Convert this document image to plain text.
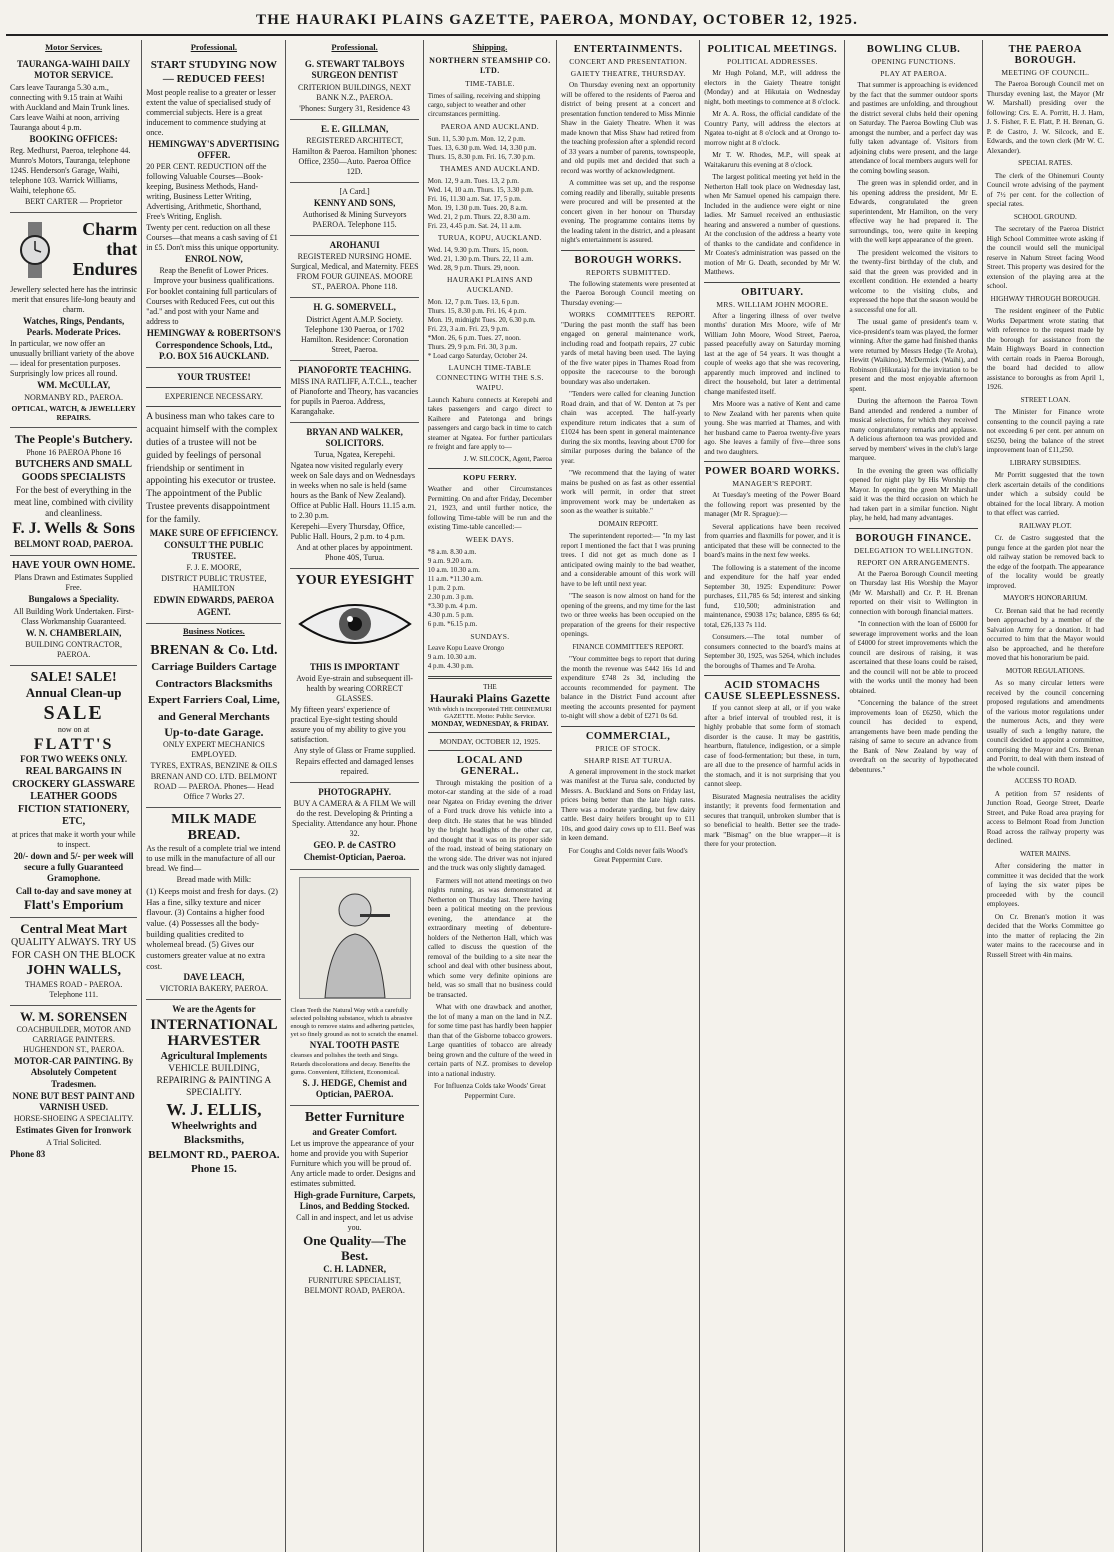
THE HAURAKI PLAINS GAZETTE, PAEROA, MONDAY, OCTOBER 12, 1925.
Motor Services.

TAURANGA-WAIHI DAILY MOTOR SERVICE.

Cars leave Tauranga 5.30 a.m., connecting with 9.15 train at Waihi with Auckland and Main Trunk lines. Cars leave Waihi at noon, arriving Tauranga about 4 p.m.

BOOKING OFFICES:

Reg. Medhurst, Paeroa, telephone 44. Munro's Motors, Tauranga, telephone 124S. Henderson's Garage, Waihi, telephone 103. Warrick Williams, Waihi, telephone 65.

BERT CARTER — Proprietor

Charm
that
Endures

Jewellery selected here has the intrinsic merit that ensures life-long beauty and charm.

Watches, Rings, Pendants, Pearls. Moderate Prices.

In particular, we now offer an unusually brilliant variety of the above — ideal for presentation purposes. Surprisingly low prices all round.

WM. McCULLAY,

NORMANBY RD., PAEROA.

OPTICAL, WATCH, & JEWELLERY REPAIRS.

The People's Butchery.

Phone 16 PAEROA Phone 16

BUTCHERS AND SMALL GOODS SPECIALISTS

For the best of everything in the meat line, combined with civility and cleanliness.

F. J. Wells & Sons

BELMONT ROAD, PAEROA.

HAVE YOUR OWN HOME.

Plans Drawn and Estimates Supplied Free.

Bungalows a Speciality.

All Building Work Undertaken. First-Class Workmanship Guaranteed.

W. N. CHAMBERLAIN,

BUILDING CONTRACTOR, PAEROA.

SALE! SALE!

Annual Clean-up

SALE

now on at

FLATT'S

FOR TWO WEEKS ONLY.

REAL BARGAINS IN CROCKERY GLASSWARE LEATHER GOODS FICTION STATIONERY, ETC,

at prices that make it worth your while to inspect.

20/- down and 5/- per week will secure a fully Guaranteed Gramophone.

Call to-day and save money at

Flatt's Emporium

Central Meat Mart

QUALITY ALWAYS. TRY US FOR CASH ON THE BLOCK

JOHN WALLS,

THAMES ROAD - PAEROA. Telephone 111.

W. M. SORENSEN

COACHBUILDER, MOTOR AND CARRIAGE PAINTERS. HUGHENDON ST., PAEROA.

MOTOR-CAR PAINTING. By Absolutely Competent Tradesmen.

NONE BUT BEST PAINT AND VARNISH USED.

HORSE-SHOEING A SPECIALITY.

Estimates Given for Ironwork

A Trial Solicited.

Phone 83

Professional.

START STUDYING NOW— REDUCED FEES!

Most people realise to a greater or lesser extent the value of specialised study of commercial subjects. Here is a great inducement to commence studying at once.

HEMINGWAY'S ADVERTISING OFFER.

20 PER CENT. REDUCTION off the following Valuable Courses—Book-keeping, Business Methods, Hand-writing, Business Letter Writing, Advertising, Arithmetic, Shorthand, Free's Writing, English.

Twenty per cent. reduction on all these Courses—that means a cash saving of £1 in £5. Don't miss this unique opportunity.

ENROL NOW,

Reap the Benefit of Lower Prices. Improve your business qualifications.

For booklet containing full particulars of Courses with Reduced Fees, cut out this "ad." and post with your Name and address to

HEMINGWAY & ROBERTSON'S Correspondence Schools, Ltd., P.O. BOX 516 AUCKLAND.

YOUR TRUSTEE!

EXPERIENCE NECESSARY.

A business man who takes care to acquaint himself with the complex duties of a trustee will not be guided by feelings of personal friendship or sentiment in appointing his executor or trustee. The appointment of the Public Trustee prevents disappointment for the family.

MAKE SURE OF EFFICIENCY.

CONSULT THE PUBLIC TRUSTEE.

F. J. E. MOORE,

DISTRICT PUBLIC TRUSTEE, HAMILTON

EDWIN EDWARDS, PAEROA AGENT.

Business Notices.

BRENAN & Co. Ltd.

Carriage Builders Cartage Contractors Blacksmiths Expert Farriers Coal, Lime, and General Merchants

Up-to-date Garage.

ONLY EXPERT MECHANICS EMPLOYED.

TYRES, EXTRAS, BENZINE & OILS

BRENAN AND CO. LTD. BELMONT ROAD — PAEROA. Phones— Head Office 7 Works 27.

MILK MADE BREAD.

As the result of a complete trial we intend to use milk in the manufacture of all our bread. We find—

Bread made with Milk:

(1) Keeps moist and fresh for days. (2) Has a fine, silky texture and nicer flavour. (3) Contains a higher food value. (4) Possesses all the body-building qualities credited to wholemeal bread. (5) Gives our customers greater value at no extra cost.

DAVE LEACH,

VICTORIA BAKERY, PAEROA.

We are the Agents for

INTERNATIONAL HARVESTER

Agricultural Implements

VEHICLE BUILDING, REPAIRING & PAINTING A SPECIALITY.

W. J. ELLIS,

Wheelwrights and Blacksmiths,

BELMONT RD., PAEROA. Phone 15.

Professional.

G. STEWART TALBOYS SURGEON DENTIST

CRITERION BUILDINGS, NEXT BANK N.Z., PAEROA.

'Phones: Surgery 31, Residence 43

E. E. GILLMAN,

REGISTERED ARCHITECT,

Hamilton & Paeroa. Hamilton 'phones: Office, 2350—Auto. Paeroa Office 12D.

[A Card.]

KENNY AND SONS,

Authorised & Mining Surveyors PAEROA. Telephone 115.

AROHANUI

REGISTERED NURSING HOME. Surgical, Medical, and Maternity. FEES FROM FOUR GUINEAS. MOORE ST., PAEROA. Phone 118.

H. G. SOMERVELL,

District Agent A.M.P. Society. Telephone 130 Paeroa, or 1702 Hamilton. Residence: Coronation Street, Paeroa.

PIANOFORTE TEACHING.

MISS INA RATLIFF, A.T.C.L., teacher of Pianoforte and Theory, has vacancies for pupils in Paeroa. Address, Karangahake.

BRYAN AND WALKER, SOLICITORS.

Turua, Ngatea, Kerepehi.

Ngatea now visited regularly every week on Sale days and on Wednesdays in weeks when no sale is held (same hours as the Bank of New Zealand). Office at Public Hall. Hours 11.15 a.m. to 2.30 p.m.

Kerepehi—Every Thursday, Office, Public Hall. Hours, 2 p.m. to 4 p.m.

And at other places by appointment. Phone 40S, Turua.

YOUR EYESIGHT

THIS IS IMPORTANT

Avoid Eye-strain and subsequent ill-health by wearing CORRECT GLASSES.

My fifteen years' experience of practical Eye-sight testing should assure you of my ability to give you satisfaction.

Any style of Glass or Frame supplied.

Repairs effected and damaged lenses repaired.

PHOTOGRAPHY.

BUY A CAMERA & A FILM We will do the rest. Developing & Printing a Speciality. Attendance any hour. Phone 32.

GEO. P. de CASTRO

Chemist-Optician, Paeroa.

Clean Teeth the Natural Way with a carefully selected polishing substance, which is abrasive enough to remove stains and adhering particles, yet so finely ground as not to scratch the enamel.

NYAL TOOTH PASTE

cleanses and polishes the teeth and Sings. Retards discolorations and decay. Benefits the gums. Convenient, Efficient, Economical.

S. J. HEDGE, Chemist and Optician, PAEROA.

Better Furniture

and Greater Comfort.

Let us improve the appearance of your home and provide you with Superior Furniture which you will be proud of. Any article made to order. Designs and estimates submitted.

High-grade Furniture, Carpets, Linos, and Bedding Stocked.

Call in and inspect, and let us advise you.

One Quality—The Best.

C. H. LADNER,

FURNITURE SPECIALIST, BELMONT ROAD, PAEROA.

Shipping.
NORTHERN STEAMSHIP CO. LTD.
TIME-TABLE.

Times of sailing, receiving and shipping cargo, subject to weather and other circumstances permitting.

PAEROA AND AUCKLAND.
Sun. 11, 5.30 p.m. Mon. 12, 2 p.m.
Tues. 13, 6.30 p.m. Wed. 14, 3.30 p.m.
Thurs. 15, 8.30 p.m. Fri. 16, 7.30 p.m.
THAMES AND AUCKLAND.
Mon. 12, 9 a.m. Tues. 13, 2 p.m.
Wed. 14, 10 a.m. Thurs. 15, 3.30 p.m.
Fri. 16, 11.30 a.m. Sat. 17, 5 p.m.
Mon. 19, 1.30 p.m. Tues. 20, 8 a.m.
Wed. 21, 2 p.m. Thurs. 22, 8.30 a.m.
Fri. 23, 4.45 p.m. Sat. 24, 11 a.m.
TURUA, KOPU, AUCKLAND.
Wed. 14, 9.30 p.m. Thurs. 15, noon.
Wed. 21, 1.30 p.m. Thurs. 22, 11 a.m.
Wed. 28, 9 p.m. Thurs. 29, noon.
HAURAKI PLAINS AND AUCKLAND.
Mon. 12, 7 p.m. Tues. 13, 6 p.m.
Thurs. 15, 8.30 p.m. Fri. 16, 4 p.m.
Mon. 19, midnight Tues. 20, 6.30 p.m.
Fri. 23, 3 a.m. Fri. 23, 9 p.m.
*Mon. 26, 6 p.m. Tues. 27, noon.
Thurs. 29, 9 p.m. Fri. 30, 3 p.m.
* Load cargo Saturday, October 24.
LAUNCH TIME-TABLE CONNECTING WITH THE S.S. WAIPU.

Launch Kahuru connects at Kerepehi and takes passengers and cargo direct to Kaihere and Patetonga and brings passengers and cargo back in time to catch steamer at Ngatea. For further particulars re freight and fare apply to—

J. W. SILCOCK, Agent, Paeroa

KOPU FERRY.

Weather and other Circumstances Permitting. On and after Friday, December 21, 1923, and until further notice, the following Time-table will be run and the existing Time-table cancelled:—

WEEK DAYS.
*8 a.m. 8.30 a.m.
9 a.m. 9.20 a.m.
10 a.m. 10.30 a.m.
11 a.m. *11.30 a.m.
1 p.m. 2 p.m.
2.30 p.m. 3 p.m.
*3.30 p.m. 4 p.m.
4.30 p.m. 5 p.m.
6 p.m. *6.15 p.m.
SUNDAYS.
Leave Kopu Leave Orongo
9 a.m. 10.30 a.m.
4 p.m. 4.30 p.m.
THE
Hauraki Plains Gazette
With which is incorporated THE OHINEMURI GAZETTE. Motto: Public Service.
MONDAY, WEDNESDAY, & FRIDAY.
MONDAY, OCTOBER 12, 1925.
LOCAL AND GENERAL.

Through mistaking the position of a motor-car standing at the side of a road near Ngatea on Friday evening the driver of a Ford truck drove his vehicle into a deep ditch. He states that he was blinded by the bright headlights of the other car, and thought that it was on its proper side of the road, instead of being stationary on the wrong side. The driver was not injured and the truck was only slightly damaged.

Farmers will not attend meetings on two nights running, as was demonstrated at Netherton on Thursday last. There having been a political meeting on the previous evening, the attendance at the extraordinary meeting of debenture-holders of the Netherton Hall, which was called to discuss the question of the removal of the building to a site near the school and deal with other business about, which some very definite opinions are held, was so small that no business could be transacted.

What with one drawback and another, the lot of many a man on the land in N.Z. for some time past has hardly been happier than that of the Gisborne tobacco growers. Large quantities of tobacco are already being grown and the culture of the weed in certain parts of N.Z. promises to develop into a national industry.

For Influenza Colds take Woods' Great Peppermint Cure.

ENTERTAINMENTS.
CONCERT AND PRESENTATION.
GAIETY THEATRE, THURSDAY.

On Thursday evening next an opportunity will be offered to the residents of Paeroa and district of being present at a concert and presentation function tendered to Miss Minnie Shaw in the Gaiety Theatre. When it was made known that Miss Shaw had retired from the teaching profession after a splendid record of 33 years a number of parents, townspeople, and old pupils met and decided that such a record was worthy of acknowledgment.

A committee was set up, and the response coming readily and liberally, suitable presents were procured and will be presented at the concert given in her honour on Thursday evening. The programme contains items by the leading talent in the district, and a pleasant night's entertainment is assured.

BOROUGH WORKS.
REPORTS SUBMITTED.

The following statements were presented at the Paeroa Borough Council meeting on Thursday evening:—

WORKS COMMITTEE'S REPORT. "During the past month the staff has been engaged on general maintenance work, including road and footpath repairs, 27 cubic yards of metal having been used. The laying of the five water pipes in Thames Road from opposite the racecourse to the borough boundary was also undertaken.

"Tenders were called for cleaning Junction Road drain, and that of W. Denton at 7s per chain was accepted. The half-yearly expenditure return indicates that a sum of £1024 has been spent in general maintenance during the six months, leaving about £700 for similar purposes during the balance of the year.

"We recommend that the laying of water mains be pushed on as fast as other essential work will permit, in order that street improvement work may be undertaken as soon as the weather is suitable."

DOMAIN REPORT.

The superintendent reported:— "In my last report I mentioned the fact that I was pruning trees. I did not get as much done as I anticipated owing mainly to the bad weather, and a considerable amount of this work will have to be left until next year.

"The season is now almost on hand for the opening of the greens, and my time for the last two or three weeks has been occupied on the preparation of the greens for their respective openings.

FINANCE COMMITTEE'S REPORT.

"Your committee begs to report that during the month the revenue was £442 16s 1d and expenditure £748 2s 3d, including the accounts recommended for payment. The balance in the District Fund account after meeting the accounts presented for payment to-night will show a debit of £271 0s 6d.

COMMERCIAL,
PRICE OF STOCK.
SHARP RISE AT TURUA.

A general improvement in the stock market was manifest at the Turua sale, conducted by Messrs. A. Buckland and Sons on Friday last, prices being better than the late high rates. There was a moderate yarding, but few dairy cattle. Best dairy heifers brought up to £11 10s, and good dairy cows up to £11. Beef was in keen demand.

For Coughs and Colds never fails Wood's Great Peppermint Cure.

POLITICAL MEETINGS.
POLITICAL ADDRESSES.

Mr Hugh Poland, M.P., will address the electors in the Gaiety Theatre tonight (Monday) and at Hikutaia on Wednesday night, both meetings to commence at 8 o'clock.

Mr A. A. Ross, the official candidate of the Country Party, will address the electors at Ngatea to-night at 8 o'clock and at Orongo to-morrow night at 8 o'clock.

Mr T. W. Rhodes, M.P., will speak at Waitakaruru this evening at 8 o'clock.

The largest political meeting yet held in the Netherton Hall took place on Wednesday last, when Mr Samuel opened his campaign there. Included in the audience were eight or nine ladies. Mr Samuel received an enthusiastic hearing and answered a number of questions. At the conclusion of the address a hearty vote of thanks to the candidate and confidence in Mr Coates's administration was passed on the motion of Mr G. Death, seconded by Mr W. Matthews.

OBITUARY.
MRS. WILLIAM JOHN MOORE.

After a lingering illness of over twelve months' duration Mrs Moore, wife of Mr William John Moore, Wood Street, Paeroa, passed peacefully away on Saturday morning last at the age of 54 years. It was thought a couple of weeks ago that she was recovering, apparently much improved and inclined to direct the household, but later a detrimental change manifested itself.

Mrs Moore was a native of Kent and came to New Zealand with her parents when quite young. She was married at Thames, and with her husband came to Paeroa twenty-five years ago. She leaves a family of five—three sons and two daughters.

POWER BOARD WORKS.
MANAGER'S REPORT.

At Tuesday's meeting of the Power Board the following report was presented by the manager (Mr R. Sprague):—

Several applications have been received from quarries and flaxmills for power, and it is anticipated that these will be connected to the board's mains in the next few weeks.

The following is a statement of the income and expenditure for the half year ended September 30, 1925: Expenditure: Power purchases, £11,785 6s 5d; interest and sinking fund, £10,500; administration and maintenance, £9038 17s; balance, £895 6s 6d; total, £26,133 7s 11d.

Consumers.—The total number of consumers connected to the board's mains at September 30, 1925, was 5264, which includes the boroughs of Thames and Te Aroha.

ACID STOMACHS CAUSE SLEEPLESSNESS.

If you cannot sleep at all, or if you wake after a brief interval of troubled rest, it is highly probable that some form of stomach disorder is the cause. It may be gastritis, heartburn, flatulence, indigestion, or a simple case of food-fermentation; but these, in turn, are all due to the presence of harmful acids in the stomach, and it is not surprising that you cannot sleep.

Bisurated Magnesia neutralises the acidity instantly; it prevents food fermentation and secures that tranquil, unbroken slumber that is so beneficial to health. Better see the trade-mark "Bismag" on the blue wrapper—it is there for your protection.

BOWLING CLUB.
OPENING FUNCTIONS.
PLAY AT PAEROA.

That summer is approaching is evidenced by the fact that the summer outdoor sports and pastimes are unfolding, and throughout the district several clubs held their opening on Saturday. The Paeroa Bowling Club was amongst the number, and a perfect day was fully taken advantage of. Visitors from adjoining clubs were present, and the large attendance of local members augurs well for the coming bowling season.

The green was in splendid order, and in his opening address the president, Mr E. Edwards, congratulated the green superintendent, Mr Hamilton, on the very effective way he had prepared it. The surroundings, too, were quite in keeping with the well kept appearance of the green.

The president welcomed the visitors to the twenty-first birthday of the club, and said that the green was provided and in excellent condition. He extended a hearty welcome to the visiting clubs, and expressed the hope that the season would be a successful one for all.

The usual game of president's team v. vice-president's team was played, the former winning. After the game had finished thanks were returned by Messrs Hedge (Te Aroha), Hewitt (Waikino), McDermick (Waihi), and Robinson (Hikutaia) for the invitation to be present and the most enjoyable afternoon spent.

During the afternoon the Paeroa Town Band attended and rendered a number of musical selections, for which they received many congratulatory remarks and applause. A delicious afternoon tea was provided and served by members' wives in the club's large marquee.

In the evening the green was officially opened for night play by His Worship the Mayor. In opening the green Mr Marshall said it was the third occasion on which he had taken part in a similar function. Night play, he held, had many advantages.

BOROUGH FINANCE.
DELEGATION TO WELLINGTON.
REPORT ON ARRANGEMENTS.

At the Paeroa Borough Council meeting on Thursday last His Worship the Mayor (Mr W. Marshall) and Cr. P. H. Brenan reported on their visit to Wellington in connection with borough financial matters.

"In connection with the loan of £6000 for sewerage improvement works and the loan of £4000 for street improvements which the council are desirous of raising, it was ascertained that these loans could be raised, and the council will not be able to proceed with the works until the money had been obtained.

"Concerning the balance of the street improvements loan of £6250, which the council has decided to expend, arrangements have been made pending the raising of same to secure an advance from the Bank of New Zealand by way of overdraft on the security of hypothecated debentures."

THE PAEROA BOROUGH.
MEETING OF COUNCIL.

The Paeroa Borough Council met on Thursday evening last, the Mayor (Mr W. Marshall) presiding over the following: Crs. E. A. Porritt, H. J. Ham, J. S. Fisher, F. E. Flatt, P. H. Brenan, G. P. de Castro, J. W. Silcock, and E. Edwards, and the town clerk (Mr W. C. Alexander).

SPECIAL RATES.

The clerk of the Ohinemuri County Council wrote advising of the payment of 7½ per cent. for the collection of special rates.

SCHOOL GROUND.

The secretary of the Paeroa District High School Committee wrote asking if the council would sell the municipal reserve in Nahum Street facing Wood Street. This property was desired for the extension of the playing area at the school.

HIGHWAY THROUGH BOROUGH.

The resident engineer of the Public Works Department wrote stating that with reference to the request made by the borough for assistance from the Main Highways Board in connection with certain roads in Paeroa Borough, the board had decided to allow assistance to boroughs as from April 1, 1926.

STREET LOAN.

The Minister for Finance wrote consenting to the council paying a rate not exceeding 6 per cent. per annum on £6250, being the balance of the street improvement loan of £11,250.

LIBRARY SUBSIDIES.

Mr Porritt suggested that the town clerk ascertain details of the conditions under which a subsidy could be obtained for the local library. A motion to that effect was carried.

RAILWAY PLOT.

Cr. de Castro suggested that the pungu fence at the garden plot near the old railway station be removed back to the edge of the footpath. The appearance of the locality would be greatly improved.

MAYOR'S HONORARIUM.

Cr. Brenan said that he had recently been approached by a member of the Salvation Army for a donation. It had occurred to him that the Mayor would also be approached, and he therefore moved that his honorarium be paid.

MOTOR REGULATIONS.

As so many circular letters were received by the council concerning proposed regulations and amendments of the various motor regulations under the numerous Acts, and they were usually of such a lengthy nature, the council decided to appoint a committee, comprising the Mayor and Crs. Brenan and Porritt, to deal with them instead of the whole council.

ACCESS TO ROAD.

A petition from 57 residents of Junction Road, George Street, Dearle Street, and Puke Road area praying for access to Belmont Road from Junction Road across the railway property was declined.

WATER MAINS.

After considering the matter in committee it was decided that the work of laying the six water pipes be proceeded with by the council employees.

On Cr. Brenan's motion it was decided that the Works Committee go into the matter of replacing the 2in water mains to the racecourse and in Russell Street with 4in mains.
